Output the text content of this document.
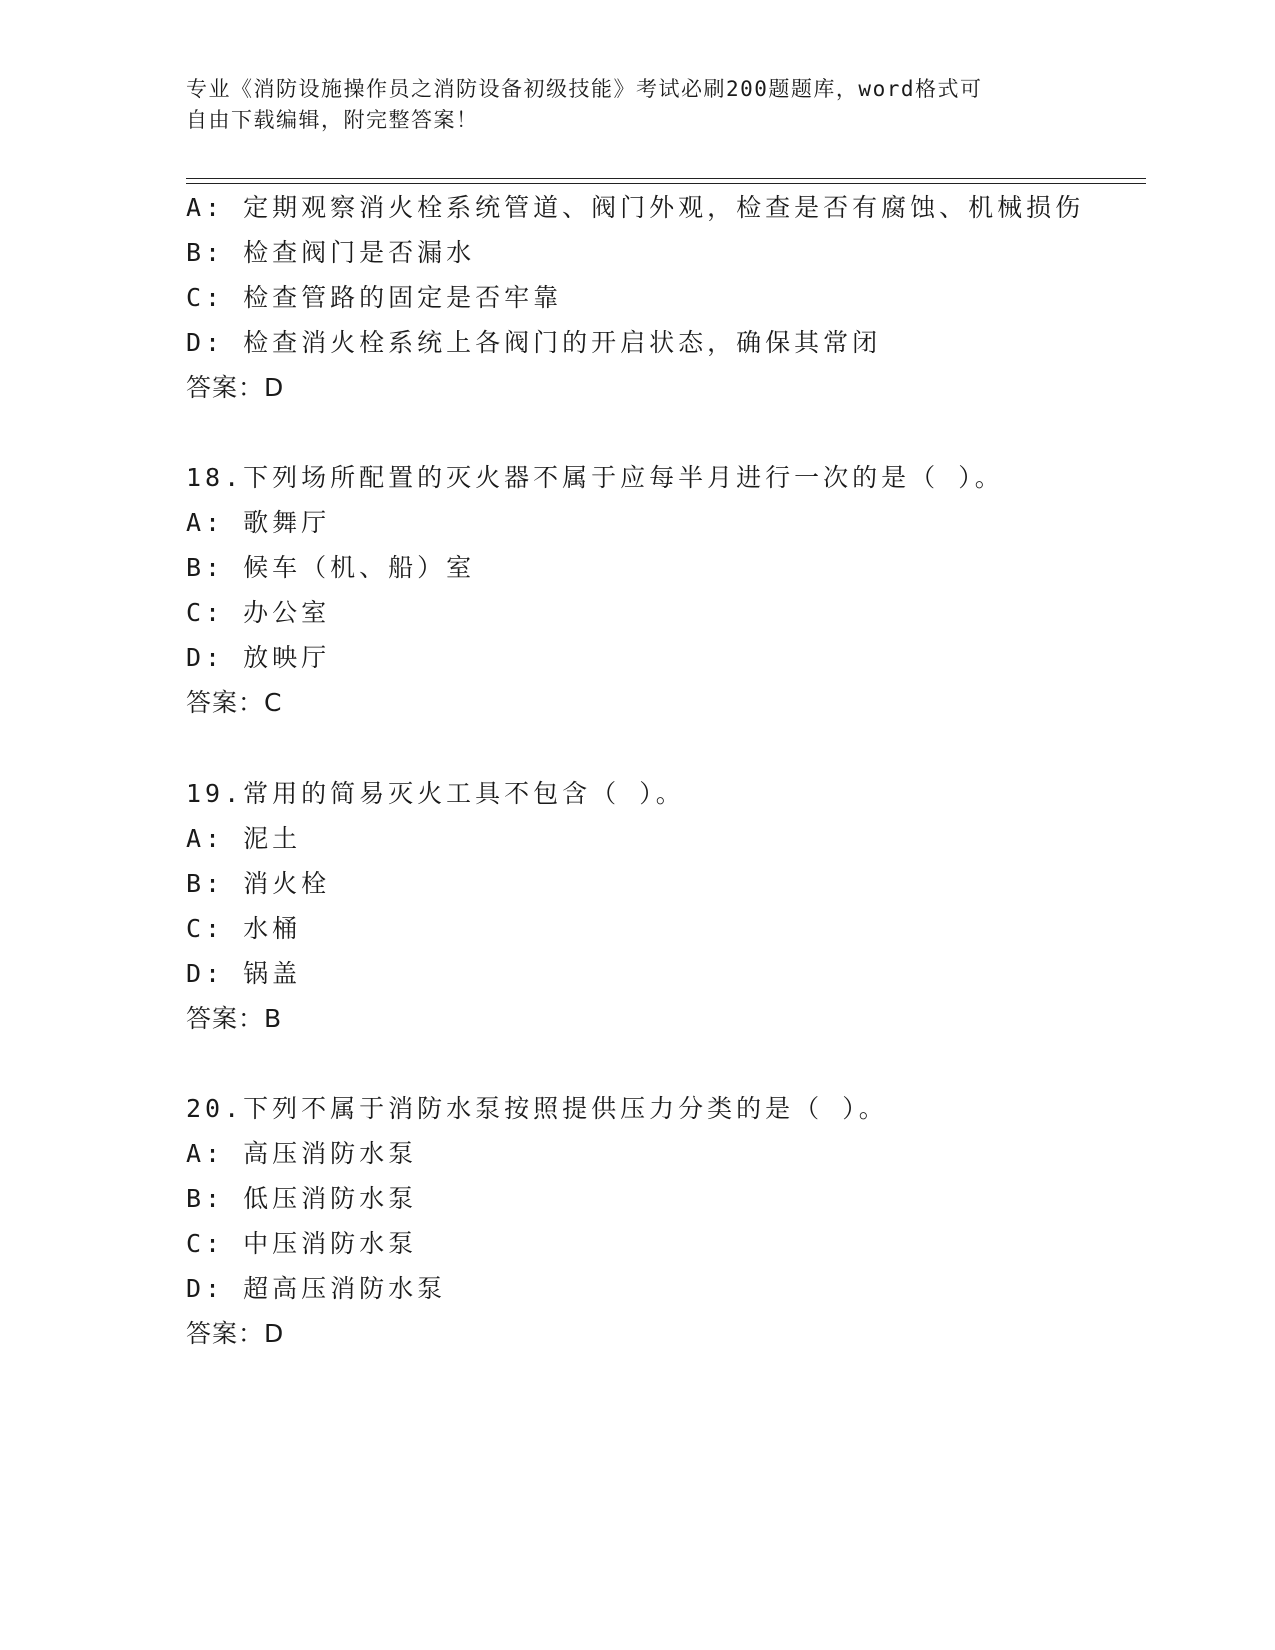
专业《消防设施操作员之消防设备初级技能》考试必刷200题题库，word格式可
自由下载编辑，附完整答案！
A: 定期观察消火栓系统管道、阀门外观，检查是否有腐蚀、机械损伤
B: 检查阀门是否漏水
C: 检查管路的固定是否牢靠
D: 检查消火栓系统上各阀门的开启状态，确保其常闭
答案：D
18.下列场所配置的灭火器不属于应每半月进行一次的是（ ）。
A: 歌舞厅
B: 候车（机、船）室
C: 办公室
D: 放映厅
答案：C
19.常用的简易灭火工具不包含（ ）。
A: 泥土
B: 消火栓
C: 水桶
D: 锅盖
答案：B
20.下列不属于消防水泵按照提供压力分类的是（ ）。
A: 高压消防水泵
B: 低压消防水泵
C: 中压消防水泵
D: 超高压消防水泵
答案：D
